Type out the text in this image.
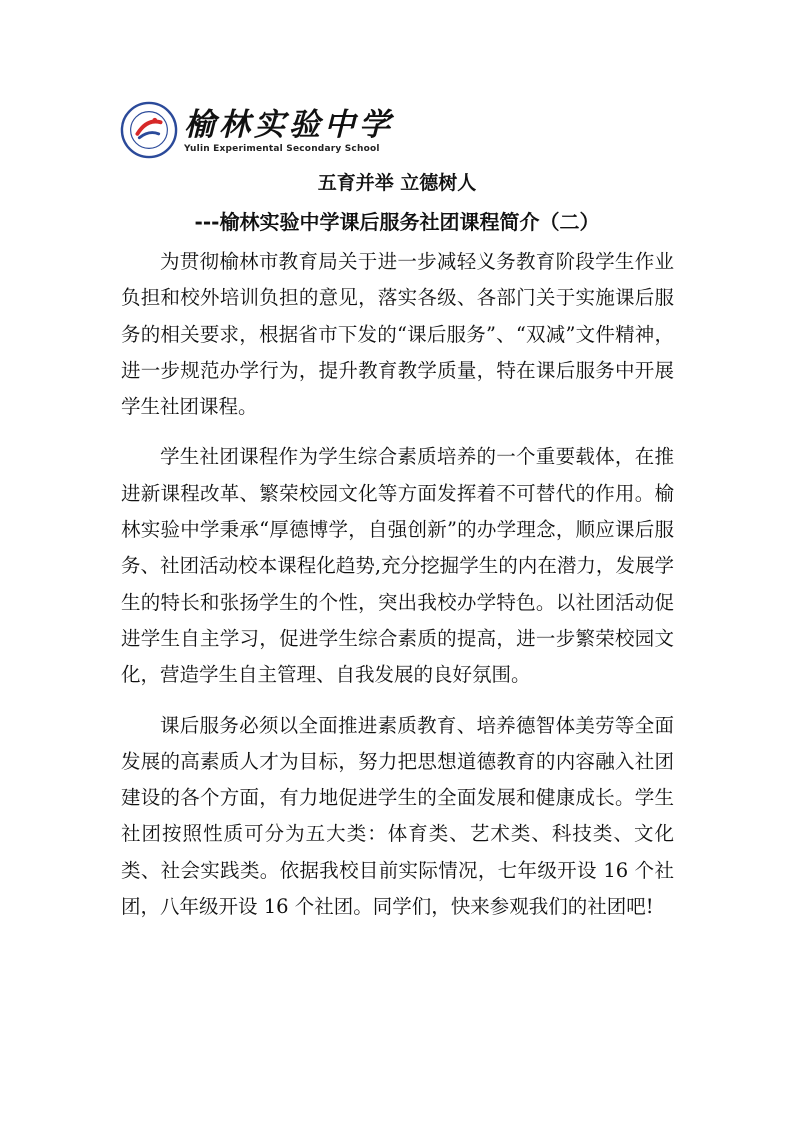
榆林实验中学
Yulin Experimental Secondary School
五育并举 立德树人
---榆林实验中学课后服务社团课程简介（二）

为贯彻榆林市教育局关于进一步减轻义务教育阶段学生作业负担和校外培训负担的意见，落实各级、各部门关于实施课后服务的相关要求，根据省市下发的“课后服务”、“双减”文件精神，进一步规范办学行为，提升教育教学质量，特在课后服务中开展学生社团课程。

学生社团课程作为学生综合素质培养的一个重要载体，在推进新课程改革、繁荣校园文化等方面发挥着不可替代的作用。榆林实验中学秉承“厚德博学，自强创新”的办学理念，顺应课后服务、社团活动校本课程化趋势,充分挖掘学生的内在潜力，发展学生的特长和张扬学生的个性，突出我校办学特色。以社团活动促进学生自主学习，促进学生综合素质的提高，进一步繁荣校园文化，营造学生自主管理、自我发展的良好氛围。

课后服务必须以全面推进素质教育、培养德智体美劳等全面发展的高素质人才为目标，努力把思想道德教育的内容融入社团建设的各个方面，有力地促进学生的全面发展和健康成长。学生社团按照性质可分为五大类：体育类、艺术类、科技类、文化类、社会实践类。依据我校目前实际情况，七年级开设 16 个社团，八年级开设 16 个社团。同学们，快来参观我们的社团吧!
